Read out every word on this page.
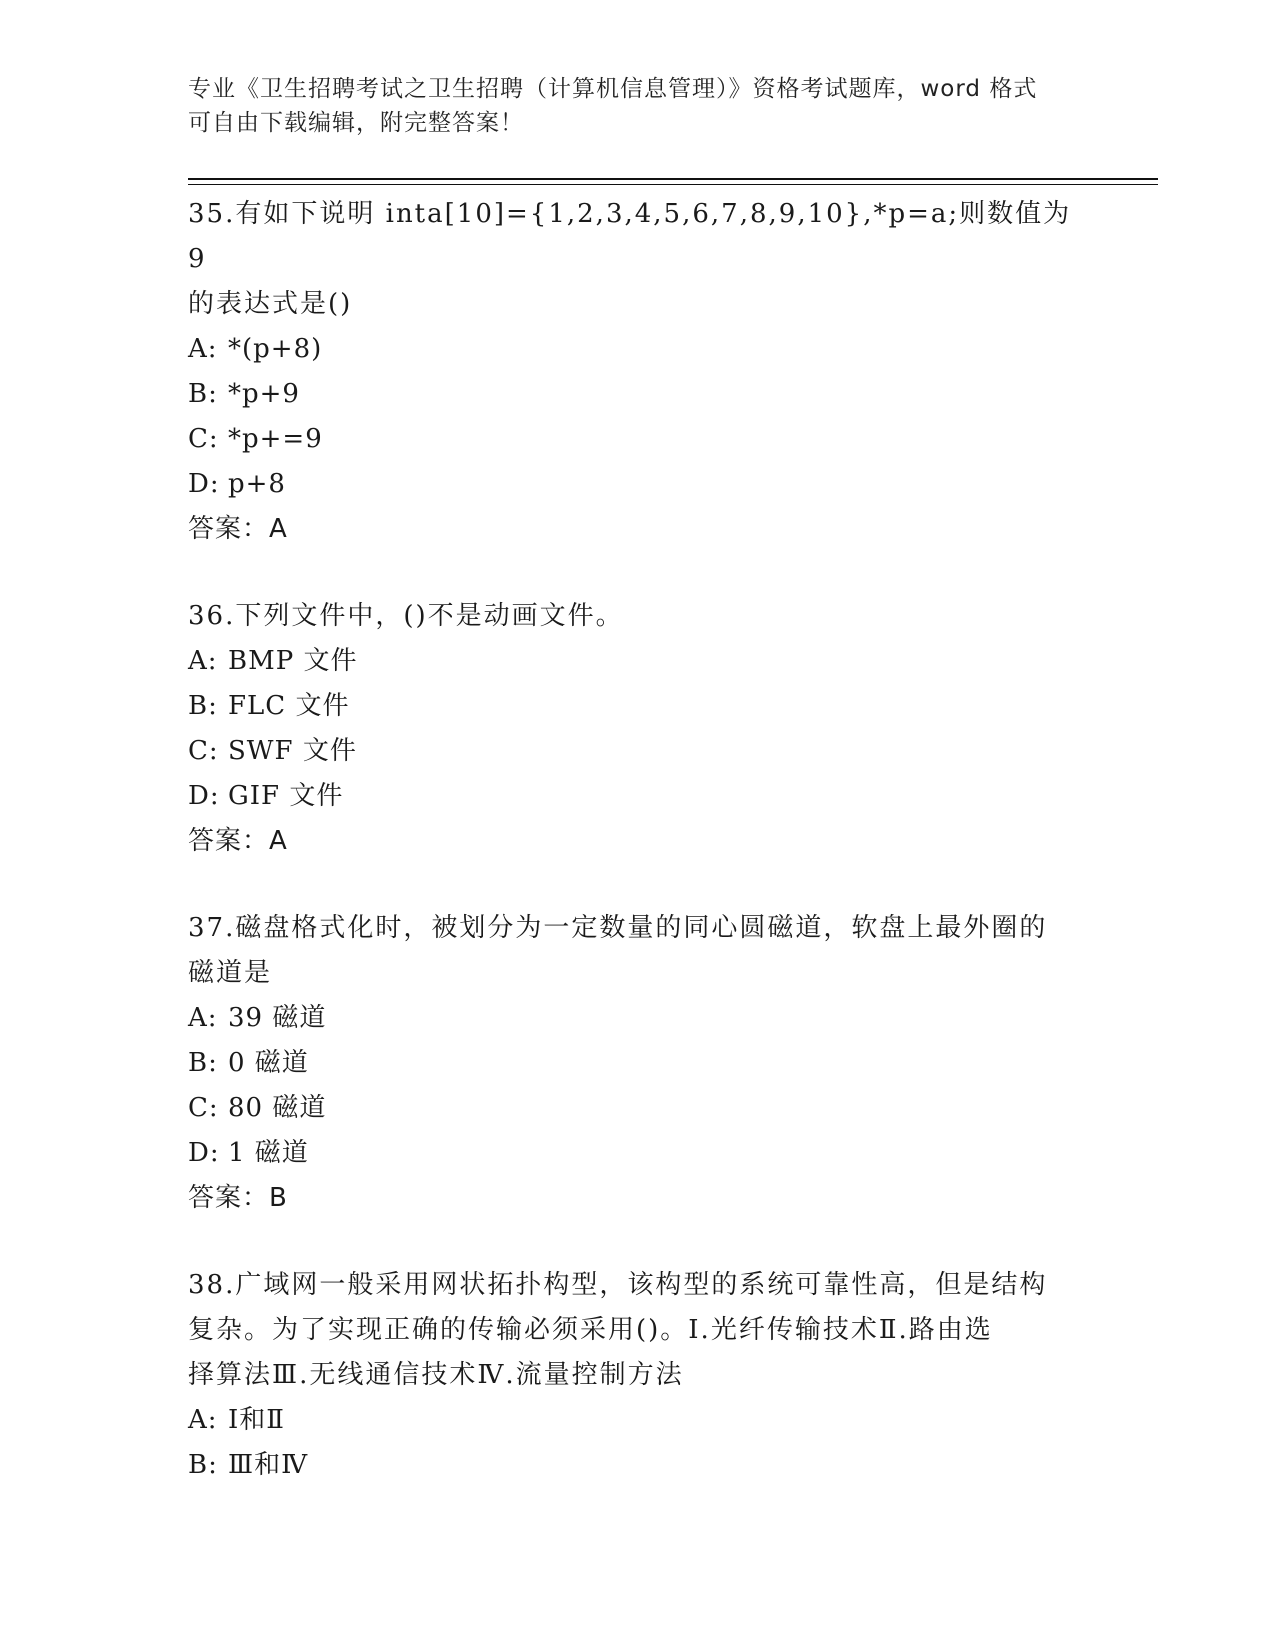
专业《卫生招聘考试之卫生招聘（计算机信息管理）》资格考试题库，word 格式
可自由下载编辑，附完整答案！

35.有如下说明 inta[10]={1,2,3,4,5,6,7,8,9,10},*p=a;则数值为 9

的表达式是()

A: *(p+8)

B: *p+9

C: *p+=9

D: p+8

答案：A

36.下列文件中，()不是动画文件。

A: BMP 文件

B: FLC 文件

C: SWF 文件

D: GIF 文件

答案：A

37.磁盘格式化时，被划分为一定数量的同心圆磁道，软盘上最外圈的

磁道是

A: 39 磁道

B: 0 磁道

C: 80 磁道

D: 1 磁道

答案：B

38.广域网一般采用网状拓扑构型，该构型的系统可靠性高，但是结构

复杂。为了实现正确的传输必须采用()。Ⅰ.光纤传输技术Ⅱ.路由选

择算法Ⅲ.无线通信技术Ⅳ.流量控制方法

A: Ⅰ和Ⅱ

B: Ⅲ和Ⅳ
